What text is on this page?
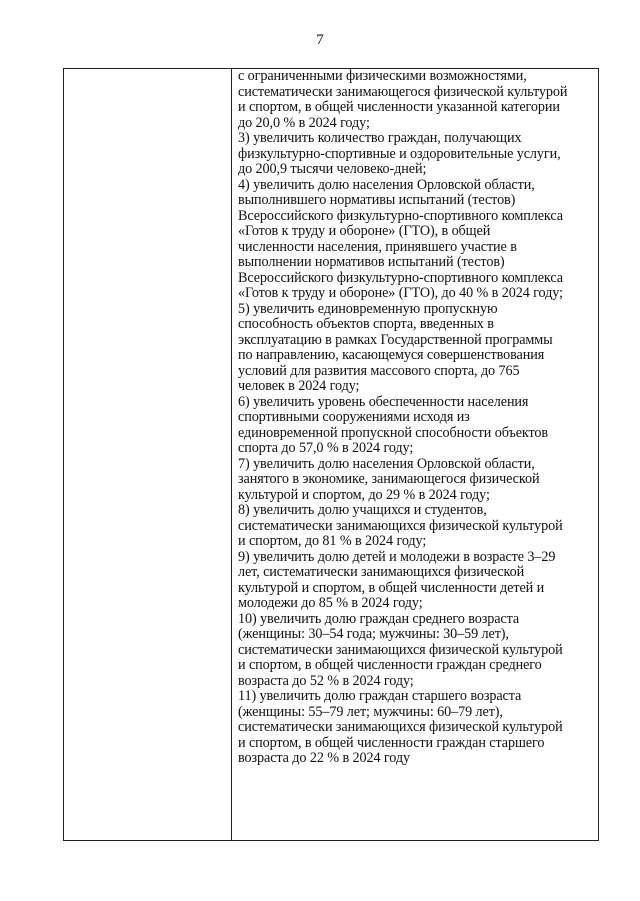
7
с ограниченными физическими возможностями,
систематически занимающегося физической культурой
и спортом, в общей численности указанной категории
до 20,0 % в 2024 году;
3) увеличить количество граждан, получающих
физкультурно-спортивные и оздоровительные услуги,
до 200,9 тысячи человеко-дней;
4) увеличить долю населения Орловской области,
выполнившего нормативы испытаний (тестов)
Всероссийского физкультурно-спортивного комплекса
«Готов к труду и обороне» (ГТО), в общей
численности населения, принявшего участие в
выполнении нормативов испытаний (тестов)
Всероссийского физкультурно-спортивного комплекса
«Готов к труду и обороне» (ГТО), до 40 % в 2024 году;
5) увеличить единовременную пропускную
способность объектов спорта, введенных в
эксплуатацию в рамках Государственной программы
по направлению, касающемуся совершенствования
условий для развития массового спорта, до 765
человек в 2024 году;
6) увеличить уровень обеспеченности населения
спортивными сооружениями исходя из
единовременной пропускной способности объектов
спорта до 57,0 % в 2024 году;
7) увеличить долю населения Орловской области,
занятого в экономике, занимающегося физической
культурой и спортом, до 29 % в 2024 году;
8) увеличить долю учащихся и студентов,
систематически занимающихся физической культурой
и спортом, до 81 % в 2024 году;
9) увеличить долю детей и молодежи в возрасте 3–29
лет, систематически занимающихся физической
культурой и спортом, в общей численности детей и
молодежи до 85 % в 2024 году;
10) увеличить долю граждан среднего возраста
(женщины: 30–54 года; мужчины: 30–59 лет),
систематически занимающихся физической культурой
и спортом, в общей численности граждан среднего
возраста до 52 % в 2024 году;
11) увеличить долю граждан старшего возраста
(женщины: 55–79 лет; мужчины: 60–79 лет),
систематически занимающихся физической культурой
и спортом, в общей численности граждан старшего
возраста до 22 % в 2024 году
